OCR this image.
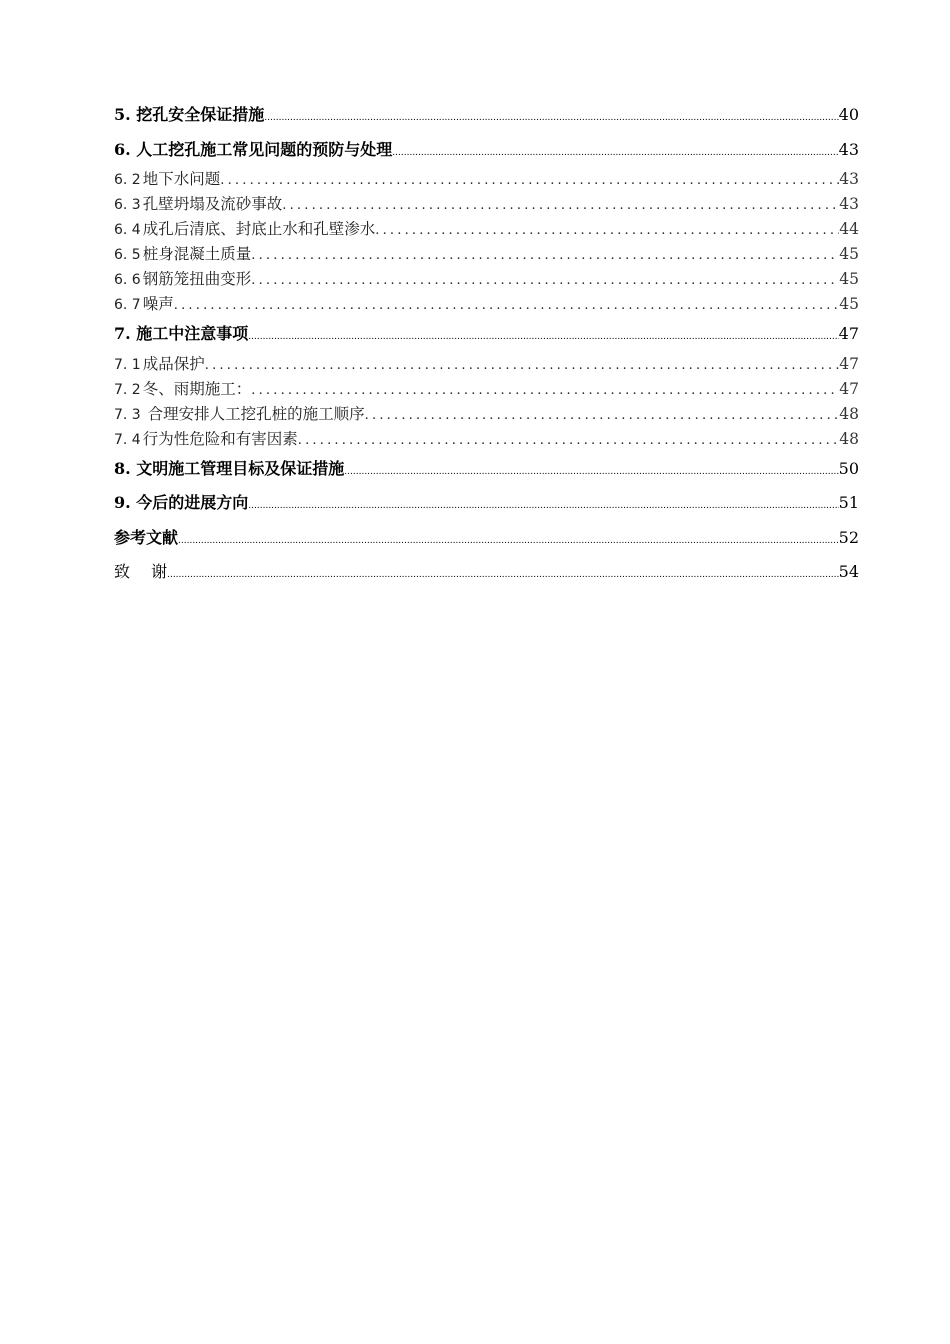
5. 挖孔安全保证措施 .....	40
6. 人工挖孔施工常见问题的预防与处理 .....	43
6. 2 地下水问题 .....	43
6. 3 孔壁坍塌及流砂事故 .....	43
6. 4 成孔后清底、封底止水和孔壁渗水 .....	44
6. 5 桩身混凝土质量 .....	45
6. 6 钢筋笼扭曲变形 .....	45
6. 7 噪声 .....	45
7. 施工中注意事项 .....	47
7. 1 成品保护 .....	47
7. 2 冬、雨期施工： .....	47
7. 3 合理安排人工挖孔桩的施工顺序 .....	48
7. 4 行为性危险和有害因素 .....	48
8. 文明施工管理目标及保证措施 .....	50
9. 今后的进展方向 .....	51
参考文献 .....	52
致　 谢 .....	54
